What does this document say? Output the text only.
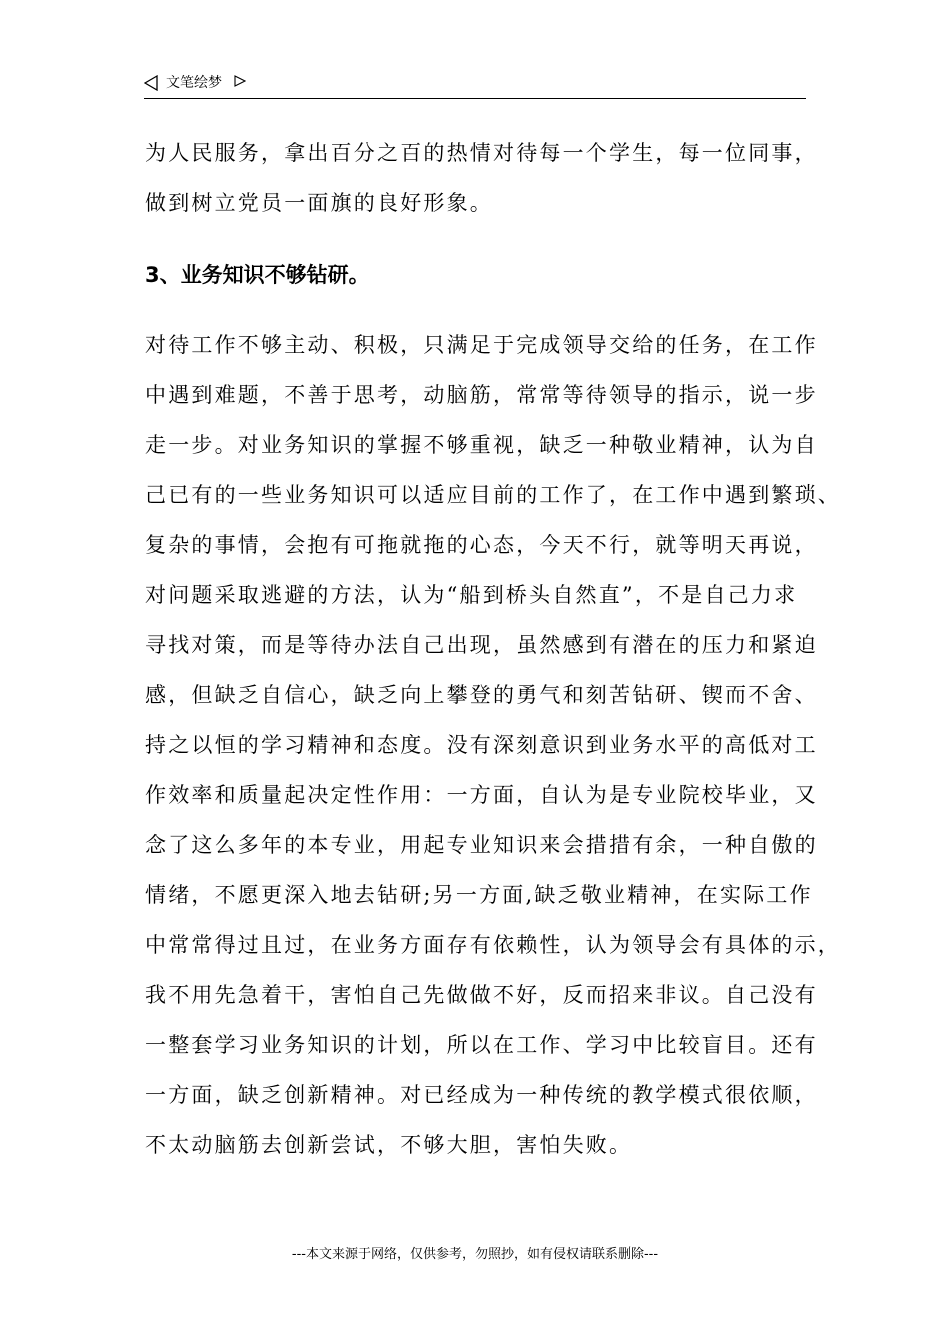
文笔绘梦
为人民服务，拿出百分之百的热情对待每一个学生，每一位同事，
做到树立党员一面旗的良好形象。
3、业务知识不够钻研。
对待工作不够主动、积极，只满足于完成领导交给的任务，在工作
中遇到难题，不善于思考，动脑筋，常常等待领导的指示，说一步
走一步。对业务知识的掌握不够重视，缺乏一种敬业精神，认为自
己已有的一些业务知识可以适应目前的工作了，在工作中遇到繁琐、
复杂的事情，会抱有可拖就拖的心态，今天不行，就等明天再说，
对问题采取逃避的方法，认为“船到桥头自然直”，不是自己力求
寻找对策，而是等待办法自己出现，虽然感到有潜在的压力和紧迫
感，但缺乏自信心，缺乏向上攀登的勇气和刻苦钻研、锲而不舍、
持之以恒的学习精神和态度。没有深刻意识到业务水平的高低对工
作效率和质量起决定性作用：一方面，自认为是专业院校毕业，又
念了这么多年的本专业，用起专业知识来会措措有余，一种自傲的
情绪，不愿更深入地去钻研;另一方面,缺乏敬业精神，在实际工作
中常常得过且过，在业务方面存有依赖性，认为领导会有具体的示，
我不用先急着干，害怕自己先做做不好，反而招来非议。自己没有
一整套学习业务知识的计划，所以在工作、学习中比较盲目。还有
一方面，缺乏创新精神。对已经成为一种传统的教学模式很依顺，
不太动脑筋去创新尝试，不够大胆，害怕失败。
---本文来源于网络，仅供参考，勿照抄，如有侵权请联系删除---
